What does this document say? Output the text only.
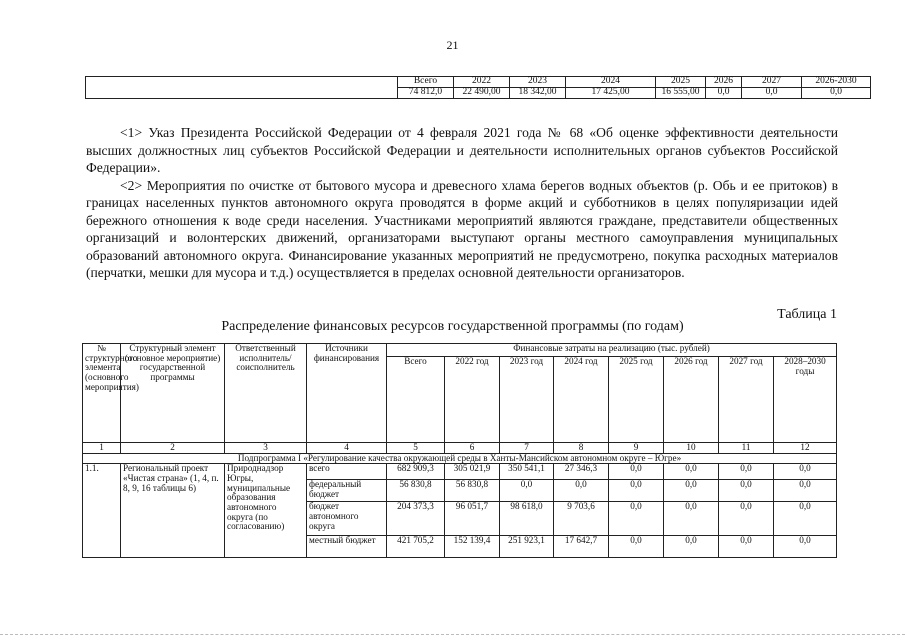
21
	Всего	2022	2023	2024	2025	2026	2027	2026-2030
	74 812,0	22 490,00	18 342,00	17 425,00	16 555,00	0,0	0,0	0,0

<1> Указ Президента Российской Федерации от 4 февраля 2021 года № 68 «Об оценке эффективности деятельности высших должностных лиц субъектов Российской Федерации и деятельности исполнительных органов субъектов Российской Федерации».

<2> Мероприятия по очистке от бытового мусора и древесного хлама берегов водных объектов (р. Обь и ее притоков) в границах населенных пунктов автономного округа проводятся в форме акций и субботников в целях популяризации идей бережного отношения к воде среди населения. Участниками мероприятий являются граждане, представители общественных организаций и волонтерских движений, организаторами выступают органы местного самоуправления муниципальных образований автономного округа. Финансирование указанных мероприятий не предусмотрено, покупка расходных материалов (перчатки, мешки для мусора и т.д.) осуществляется в пределах основной деятельности организаторов.

Таблица 1
Распределение финансовых ресурсов государственной программы (по годам)
№ структурного элемента (основного мероприятия)	Структурный элемент (основное мероприятие) государственной программы	Ответственный исполнитель/ соисполнитель	Источники финансирования	Финансовые затраты на реализацию (тыс. рублей)							
				Всего	2022 год	2023 год	2024 год	2025 год	2026 год	2027 год	2028–2030 годы
1	2	3	4	5	6	7	8	9	10	11	12
Подпрограмма I «Регулирование качества окружающей среды в Ханты-Мансийском автономном округе – Югре»											
1.1.	Региональный проект «Чистая страна» (1, 4, п. 8, 9, 16 таблицы 6)	Природнадзор Югры, муниципальные образования автономного округа (по согласованию)	всего	682 909,3	305 021,9	350 541,1	27 346,3	0,0	0,0	0,0	0,0
			федеральный бюджет	56 830,8	56 830,8	0,0	0,0	0,0	0,0	0,0	0,0
			бюджет автономного округа	204 373,3	96 051,7	98 618,0	9 703,6	0,0	0,0	0,0	0,0
			местный бюджет	421 705,2	152 139,4	251 923,1	17 642,7	0,0	0,0	0,0	0,0
